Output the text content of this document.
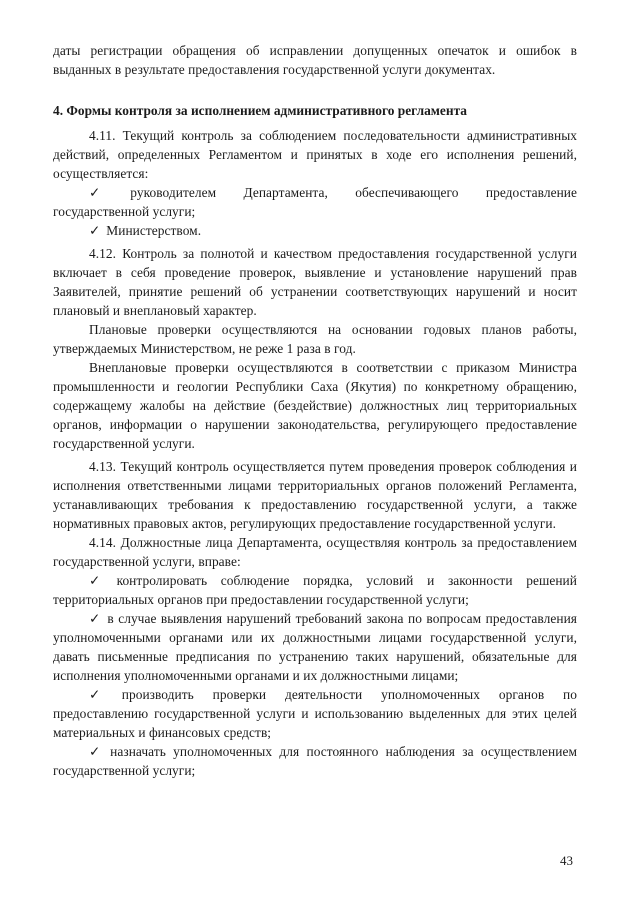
даты регистрации обращения об исправлении допущенных опечаток и ошибок в выданных в результате предоставления государственной услуги документах.

4. Формы контроля за исполнением административного регламента

4.11. Текущий контроль за соблюдением последовательности административных действий, определенных Регламентом и принятых в ходе его исполнения решений, осуществляется:

✓ руководителем Департамента, обеспечивающего предоставление государственной услуги;

✓ Министерством.

4.12. Контроль за полнотой и качеством предоставления государственной услуги включает в себя проведение проверок, выявление и установление нарушений прав Заявителей, принятие решений об устранении соответствующих нарушений и носит плановый и внеплановый характер.

Плановые проверки осуществляются на основании годовых планов работы, утверждаемых Министерством, не реже 1 раза в год.

Внеплановые проверки осуществляются в соответствии с приказом Министра промышленности и геологии Республики Саха (Якутия) по конкретному обращению, содержащему жалобы на действие (бездействие) должностных лиц территориальных органов, информации о нарушении законодательства, регулирующего предоставление государственной услуги.

4.13. Текущий контроль осуществляется путем проведения проверок соблюдения и исполнения ответственными лицами территориальных органов положений Регламента, устанавливающих требования к предоставлению государственной услуги, а также нормативных правовых актов, регулирующих предоставление государственной услуги.

4.14. Должностные лица Департамента, осуществляя контроль за предоставлением государственной услуги, вправе:

✓ контролировать соблюдение порядка, условий и законности решений территориальных органов при предоставлении государственной услуги;

✓ в случае выявления нарушений требований закона по вопросам предоставления уполномоченными органами или их должностными лицами государственной услуги, давать письменные предписания по устранению таких нарушений, обязательные для исполнения уполномоченными органами и их должностными лицами;

✓ производить проверки деятельности уполномоченных органов по предоставлению государственной услуги и использованию выделенных для этих целей материальных и финансовых средств;

✓ назначать уполномоченных для постоянного наблюдения за осуществлением государственной услуги;

43
